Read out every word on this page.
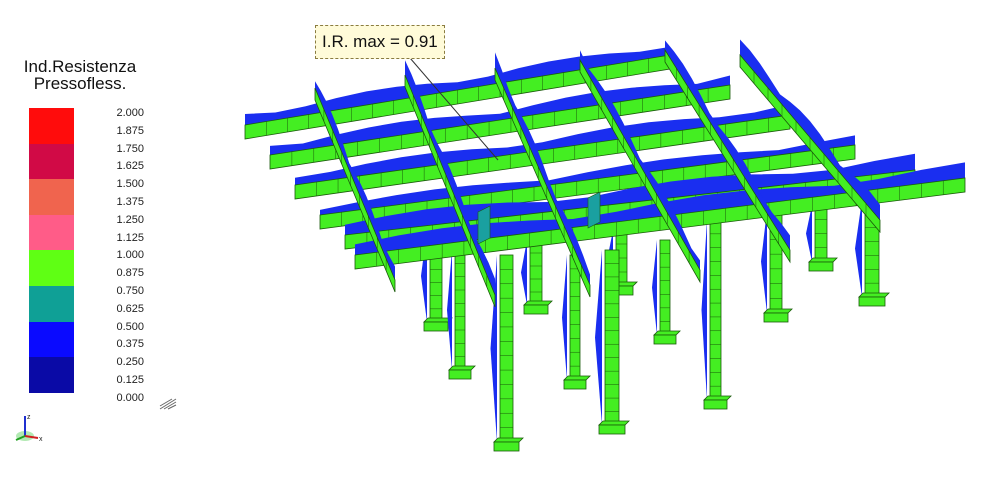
Ind.Resistenza
Pressofless.
2.000
1.875
1.750
1.625
1.500
1.375
1.250
1.125
1.000
0.875
0.750
0.625
0.500
0.375
0.250
0.125
0.000
z
x
I.R. max = 0.91
